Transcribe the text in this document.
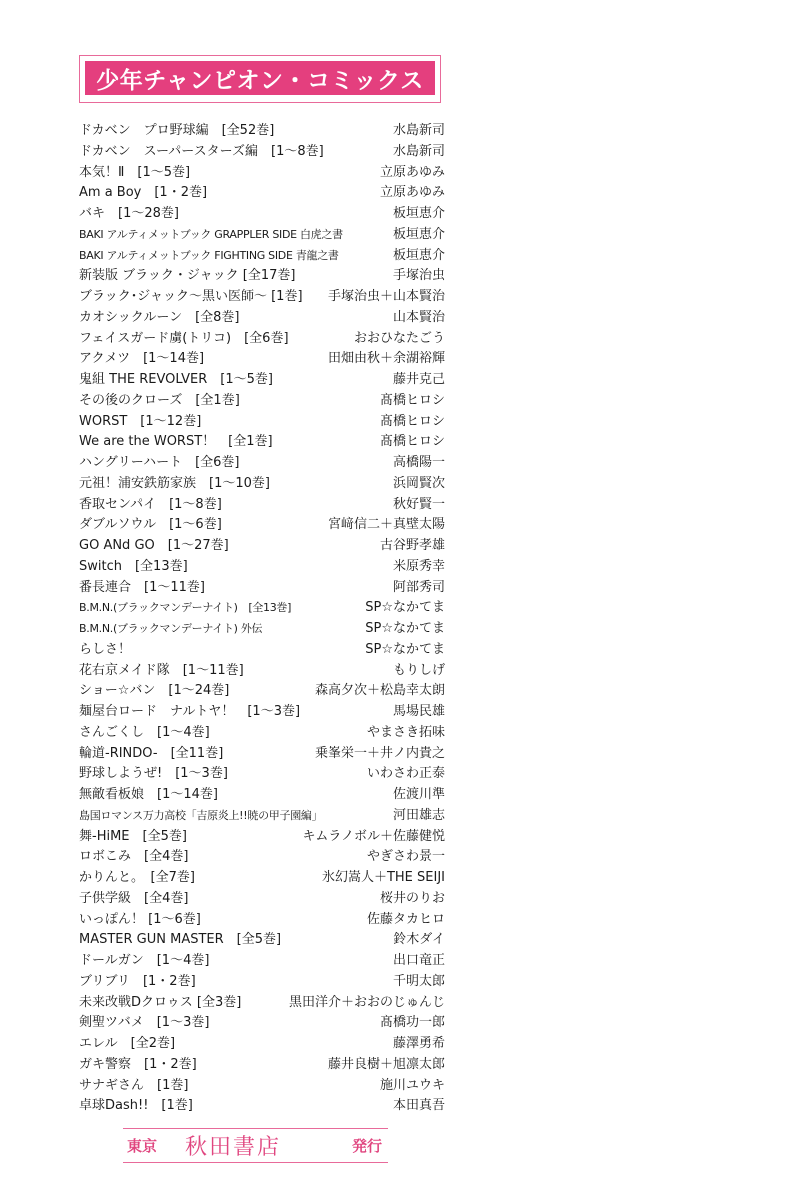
少年チャンピオン・コミックス
ドカベン　プロ野球編　[全52巻]	水島新司
ドカベン　スーパースターズ編　[1～8巻]	水島新司
本気！Ⅱ　[1～5巻]	立原あゆみ
Am a Boy　[1・2巻]	立原あゆみ
バキ　[1～28巻]	板垣恵介
BAKI アルティメットブック GRAPPLER SIDE 白虎之書	板垣恵介
BAKI アルティメットブック FIGHTING SIDE 青龍之書	板垣恵介
新装版 ブラック・ジャック [全17巻]	手塚治虫
ブラック･ジャック～黒い医師～ [1巻]	手塚治虫＋山本賢治
カオシックルーン　[全8巻]	山本賢治
フェイスガード虜(トリコ)　[全6巻]	おおひなたごう
アクメツ　[1～14巻]	田畑由秋＋余湖裕輝
鬼組 THE REVOLVER　[1～5巻]	藤井克己
その後のクローズ　[全1巻]	髙橋ヒロシ
WORST　[1～12巻]	髙橋ヒロシ
We are the WORST！　[全1巻]	髙橋ヒロシ
ハングリーハート　[全6巻]	高橋陽一
元祖！浦安鉄筋家族　[1～10巻]	浜岡賢次
香取センパイ　[1～8巻]	秋好賢一
ダブルソウル　[1～6巻]	宮﨑信二＋真壁太陽
GO ANd GO　[1～27巻]	古谷野孝雄
Switch　[全13巻]	米原秀幸
番長連合　[1～11巻]	阿部秀司
B.M.N.(ブラックマンデーナイト)　[全13巻]	SP☆なかてま
B.M.N.(ブラックマンデーナイト) 外伝	SP☆なかてま
らしさ！	SP☆なかてま
花右京メイド隊　[1～11巻]	もりしげ
ショー☆バン　[1～24巻]	森高夕次＋松島幸太朗
麺屋台ロード　ナルトヤ！　[1～3巻]	馬場民雄
さんごくし　[1～4巻]	やまさき拓味
輪道-RINDO-　[全11巻]	乗峯栄一＋井ノ内貴之
野球しようぜ!　[1～3巻]	いわさわ正泰
無敵看板娘　[1～14巻]	佐渡川準
島国ロマンス万力高校「吉原炎上!!暁の甲子園編」	河田雄志
舞-HiME　[全5巻]	キムラノボル＋佐藤健悦
ロボこみ　[全4巻]	やぎさわ景一
かりんと。　[全7巻]	氷幻嵩人＋THE SEIJI
子供学級　[全4巻]	桜井のりお
いっぽん！ [1～6巻]	佐藤タカヒロ
MASTER GUN MASTER　[全5巻]	鈴木ダイ
ドールガン　[1～4巻]	出口竜正
ブリブリ　[1・2巻]	千明太郎
未来改戦Dクロゥス [全3巻]	黒田洋介＋おおのじゅんじ
剣聖ツバメ　[1～3巻]	髙橋功一郎
エレル　[全2巻]	藤澤勇希
ガキ警察　[1・2巻]	藤井良樹＋旭凛太郎
サナギさん　[1巻]	施川ユウキ
卓球Dash!!　[1巻]	本田真吾
東京 秋田書店	発行
